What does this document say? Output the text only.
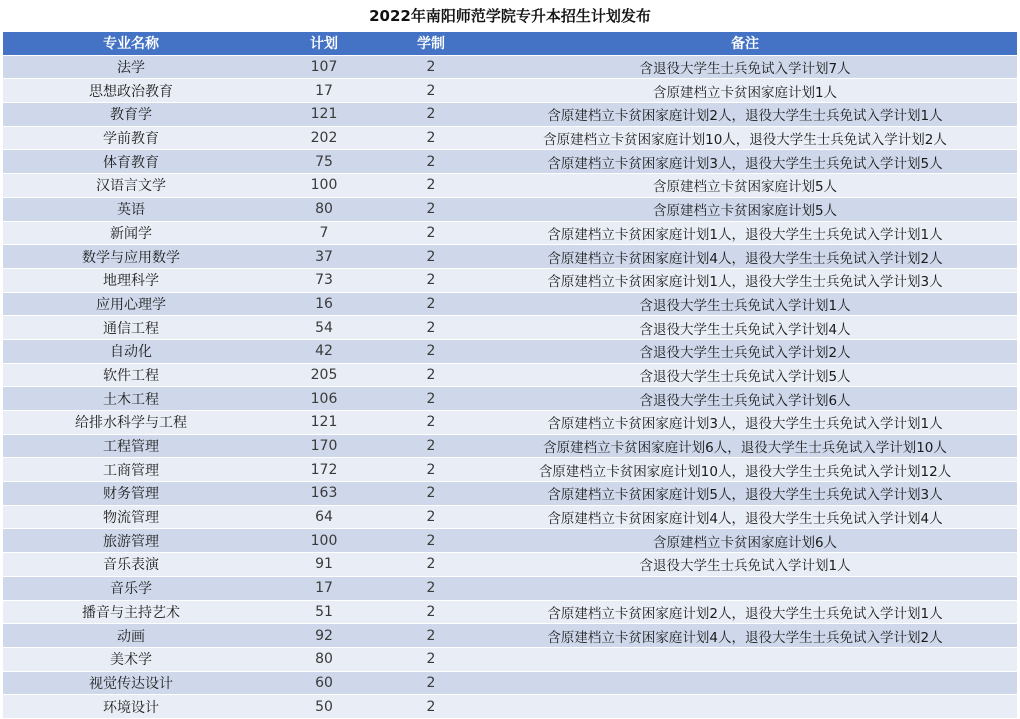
2022年南阳师范学院专升本招生计划发布
专业名称	计划	学制	备注
法学	107	2	含退役大学生士兵免试入学计划7人
思想政治教育	17	2	含原建档立卡贫困家庭计划1人
教育学	121	2	含原建档立卡贫困家庭计划2人，退役大学生士兵免试入学计划1人
学前教育	202	2	含原建档立卡贫困家庭计划10人，退役大学生士兵免试入学计划2人
体育教育	75	2	含原建档立卡贫困家庭计划3人，退役大学生士兵免试入学计划5人
汉语言文学	100	2	含原建档立卡贫困家庭计划5人
英语	80	2	含原建档立卡贫困家庭计划5人
新闻学	7	2	含原建档立卡贫困家庭计划1人，退役大学生士兵免试入学计划1人
数学与应用数学	37	2	含原建档立卡贫困家庭计划4人，退役大学生士兵免试入学计划2人
地理科学	73	2	含原建档立卡贫困家庭计划1人，退役大学生士兵免试入学计划3人
应用心理学	16	2	含退役大学生士兵免试入学计划1人
通信工程	54	2	含退役大学生士兵免试入学计划4人
自动化	42	2	含退役大学生士兵免试入学计划2人
软件工程	205	2	含退役大学生士兵免试入学计划5人
土木工程	106	2	含退役大学生士兵免试入学计划6人
给排水科学与工程	121	2	含原建档立卡贫困家庭计划3人，退役大学生士兵免试入学计划1人
工程管理	170	2	含原建档立卡贫困家庭计划6人，退役大学生士兵免试入学计划10人
工商管理	172	2	含原建档立卡贫困家庭计划10人，退役大学生士兵免试入学计划12人
财务管理	163	2	含原建档立卡贫困家庭计划5人，退役大学生士兵免试入学计划3人
物流管理	64	2	含原建档立卡贫困家庭计划4人，退役大学生士兵免试入学计划4人
旅游管理	100	2	含原建档立卡贫困家庭计划6人
音乐表演	91	2	含退役大学生士兵免试入学计划1人
音乐学	17	2	
播音与主持艺术	51	2	含原建档立卡贫困家庭计划2人，退役大学生士兵免试入学计划1人
动画	92	2	含原建档立卡贫困家庭计划4人，退役大学生士兵免试入学计划2人
美术学	80	2	
视觉传达设计	60	2	
环境设计	50	2	
